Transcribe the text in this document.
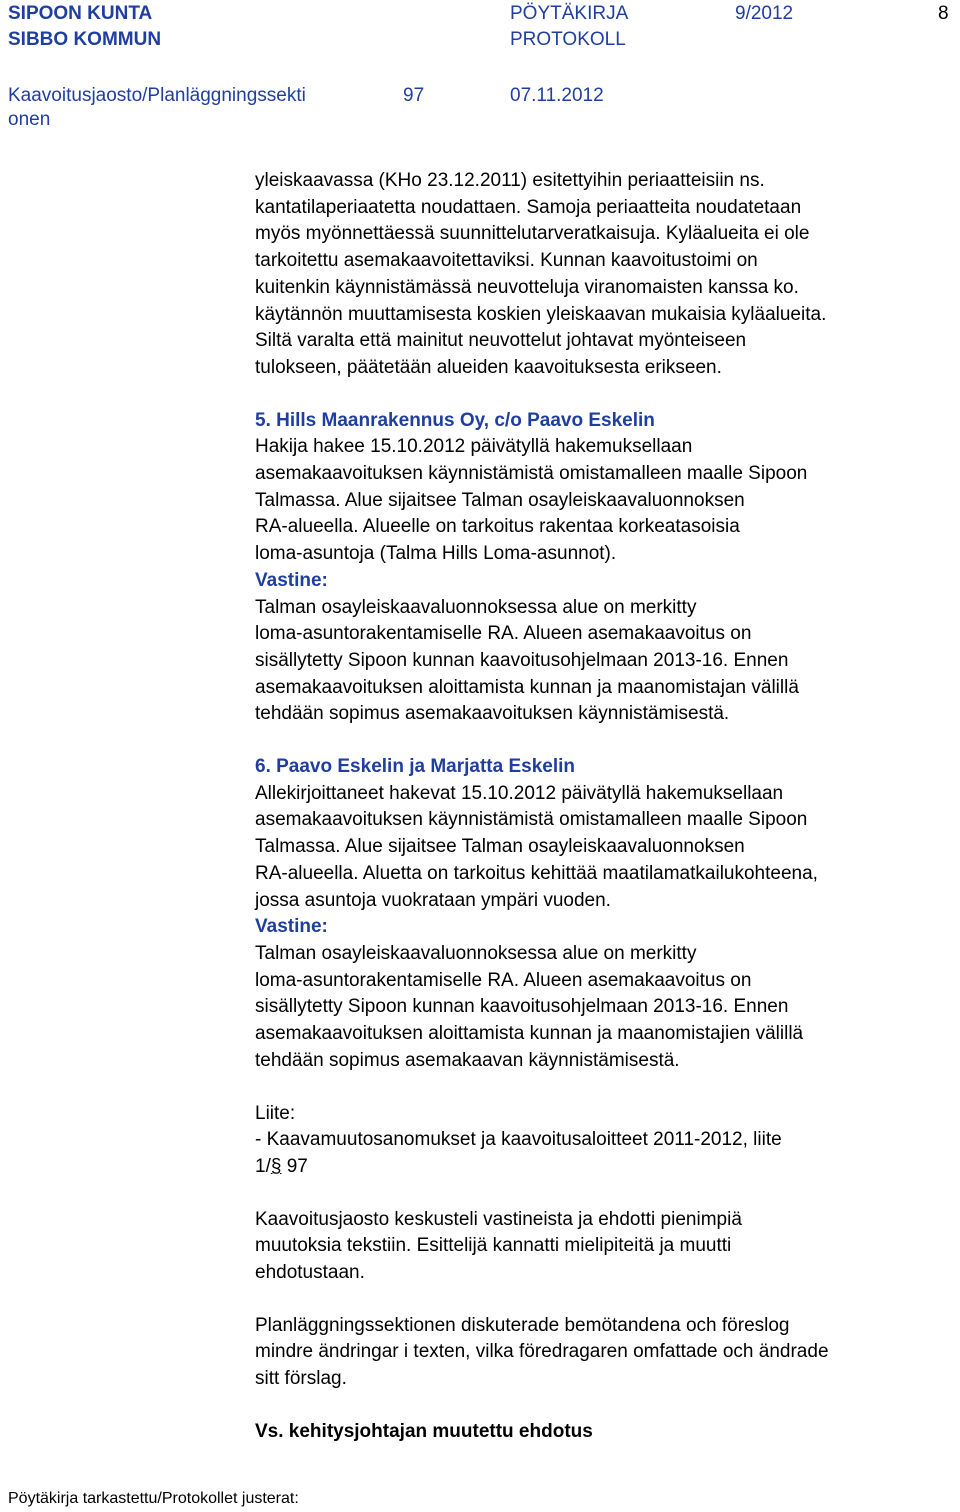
SIPOON KUNTA
SIBBO KOMMUN
PÖYTÄKIRJA
PROTOKOLL
9/2012	8
Kaavoitusjaosto/Planläggningssekti
onen
97	07.11.2012

yleiskaavassa (KHo 23.12.2011) esitettyihin periaatteisiin ns.

kantatilaperiaatetta noudattaen. Samoja periaatteita noudatetaan

myös myönnettäessä suunnittelutarveratkaisuja. Kyläalueita ei ole

tarkoitettu asemakaavoitettaviksi. Kunnan kaavoitustoimi on

kuitenkin käynnistämässä neuvotteluja viranomaisten kanssa ko.

käytännön muuttamisesta koskien yleiskaavan mukaisia kyläalueita.

Siltä varalta että mainitut neuvottelut johtavat myönteiseen

tulokseen, päätetään alueiden kaavoituksesta erikseen.

5. Hills Maanrakennus Oy, c/o Paavo Eskelin

Hakija hakee 15.10.2012 päivätyllä hakemuksellaan

asemakaavoituksen käynnistämistä omistamalleen maalle Sipoon

Talmassa. Alue sijaitsee Talman osayleiskaavaluonnoksen

RA-alueella. Alueelle on tarkoitus rakentaa korkeatasoisia

loma-asuntoja (Talma Hills Loma-asunnot).

Vastine:

Talman osayleiskaavaluonnoksessa alue on merkitty

loma-asuntorakentamiselle RA. Alueen asemakaavoitus on

sisällytetty Sipoon kunnan kaavoitusohjelmaan 2013-16. Ennen

asemakaavoituksen aloittamista kunnan ja maanomistajan välillä

tehdään sopimus asemakaavoituksen käynnistämisestä.

6. Paavo Eskelin ja Marjatta Eskelin

Allekirjoittaneet hakevat 15.10.2012 päivätyllä hakemuksellaan

asemakaavoituksen käynnistämistä omistamalleen maalle Sipoon

Talmassa. Alue sijaitsee Talman osayleiskaavaluonnoksen

RA-alueella. Aluetta on tarkoitus kehittää maatilamatkailukohteena,

jossa asuntoja vuokrataan ympäri vuoden.

Vastine:

Talman osayleiskaavaluonnoksessa alue on merkitty

loma-asuntorakentamiselle RA. Alueen asemakaavoitus on

sisällytetty Sipoon kunnan kaavoitusohjelmaan 2013-16. Ennen

asemakaavoituksen aloittamista kunnan ja maanomistajien välillä

tehdään sopimus asemakaavan käynnistämisestä.

Liite:

- Kaavamuutosanomukset ja kaavoitusaloitteet 2011-2012, liite

1/§ 97

Kaavoitusjaosto keskusteli vastineista ja ehdotti pienimpiä

muutoksia tekstiin. Esittelijä kannatti mielipiteitä ja muutti

ehdotustaan.

Planläggningssektionen diskuterade bemötandena och föreslog

mindre ändringar i texten, vilka föredragaren omfattade och ändrade

sitt förslag.

Vs. kehitysjohtajan muutettu ehdotus

Pöytäkirja tarkastettu/Protokollet justerat:
